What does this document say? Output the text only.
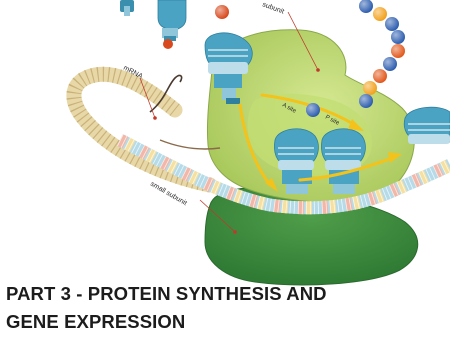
mRNA
small subunit
subunit
A site
P site
PART 3 - PROTEIN SYNTHESIS AND
GENE EXPRESSION
